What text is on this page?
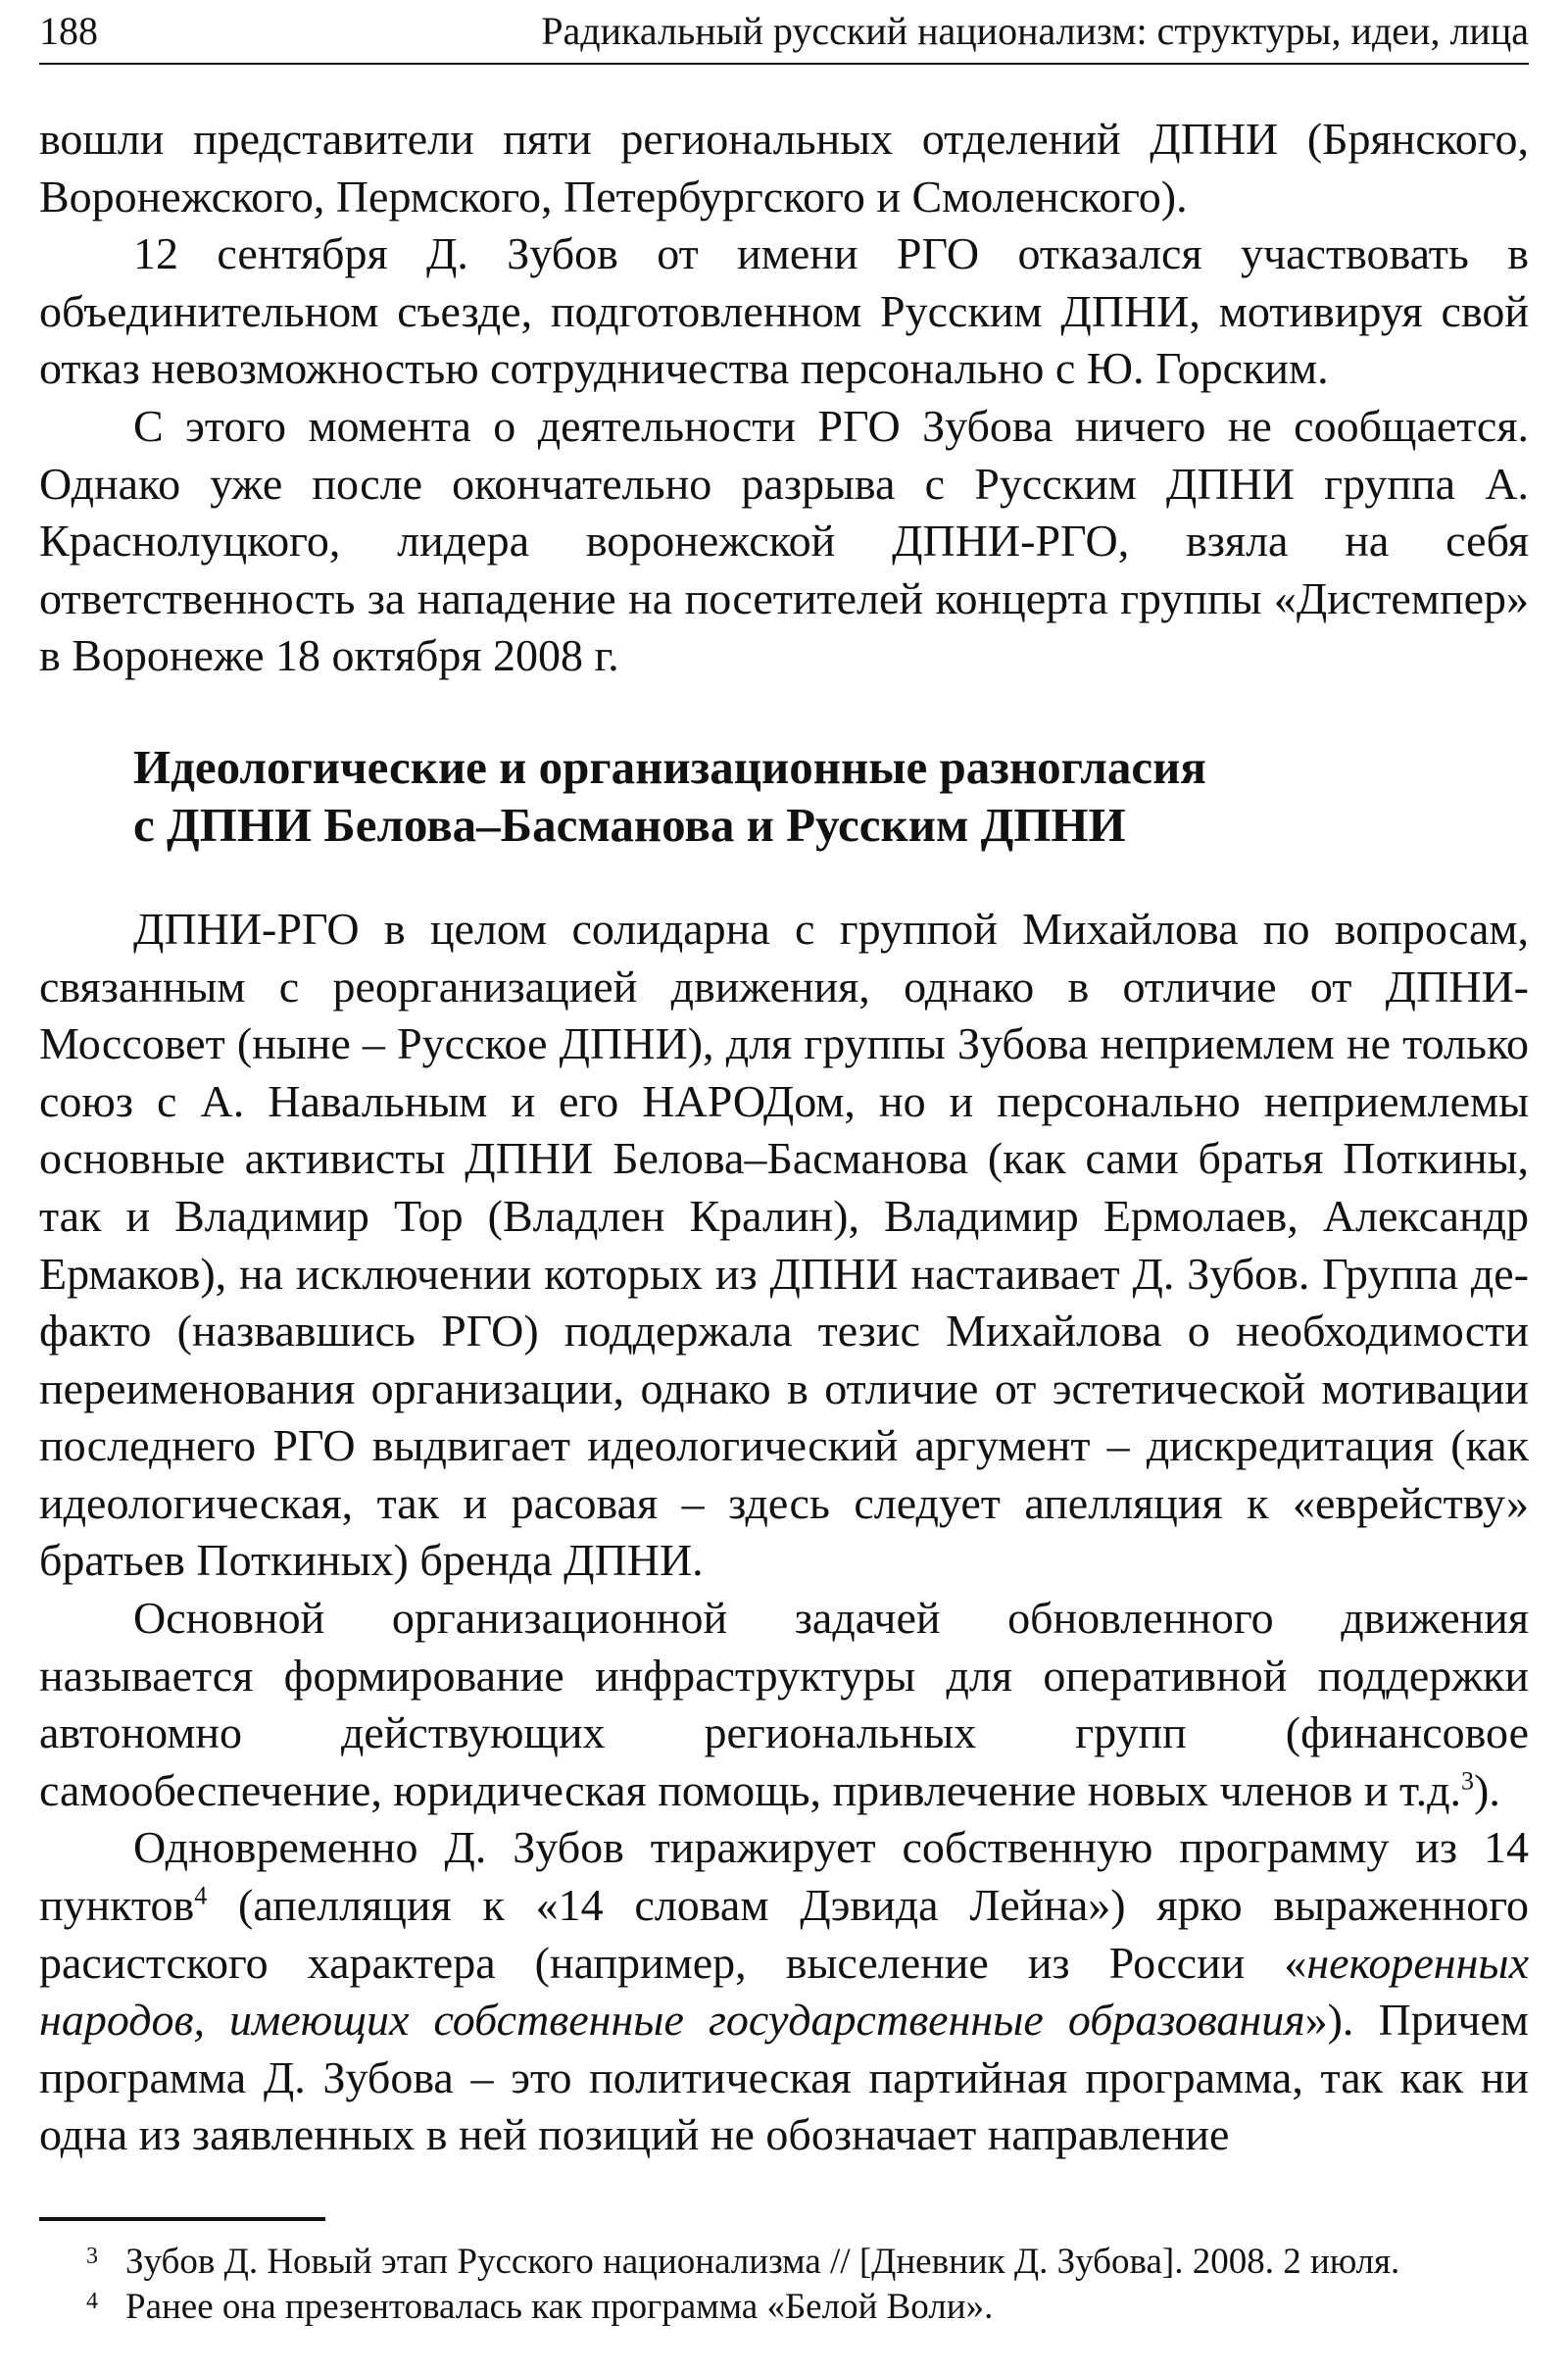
188	Радикальный русский национализм: структуры, идеи, лица

вошли представители пяти региональных отделений ДПНИ (Брянского, Воронежского, Пермского, Петербургского и Смоленского).

12 сентября Д. Зубов от имени РГО отказался участвовать в объединительном съезде, подготовленном Русским ДПНИ, мотивируя свой отказ невозможностью сотрудничества персонально с Ю. Горским.

С этого момента о деятельности РГО Зубова ничего не сообщается. Однако уже после окончательно разрыва с Русским ДПНИ группа А. Краснолуцкого, лидера воронежской ДПНИ-РГО, взяла на себя ответственность за нападение на посетителей концерта группы «Дистемпер» в Воронеже 18 октября 2008 г.

Идеологические и организационные разногласия
с ДПНИ Белова–Басманова и Русским ДПНИ

ДПНИ-РГО в целом солидарна с группой Михайлова по вопросам, связанным с реорганизацией движения, однако в отличие от ДПНИ-Моссовет (ныне – Русское ДПНИ), для группы Зубова неприемлем не только союз с А. Навальным и его НАРОДом, но и персонально неприемлемы основные активисты ДПНИ Белова–Басманова (как сами братья Поткины, так и Владимир Тор (Владлен Кралин), Владимир Ермолаев, Александр Ермаков), на исключении которых из ДПНИ настаивает Д. Зубов. Группа де-факто (назвавшись РГО) поддержала тезис Михайлова о необходимости переименования организации, однако в отличие от эстетической мотивации последнего РГО выдвигает идеологический аргумент – дискредитация (как идеологическая, так и расовая – здесь следует апелляция к «еврейству» братьев Поткиных) бренда ДПНИ.

Основной организационной задачей обновленного движения называется формирование инфраструктуры для оперативной поддержки автономно действующих региональных групп (финансовое самообеспечение, юридическая помощь, привлечение новых членов и т.д.$^3$).

Одновременно Д. Зубов тиражирует собственную программу из 14 пунктов$^4$ (апелляция к «14 словам Дэвида Лейна») ярко выраженного расистского характера (например, выселение из России «некоренных народов, имеющих собственные государственные образования»). Причем программа Д. Зубова – это политическая партийная программа, так как ни одна из заявленных в ней позиций не обозначает направление

3 Зубов Д. Новый этап Русского национализма // [Дневник Д. Зубова]. 2008. 2 июля.
4 Ранее она презентовалась как программа «Белой Воли».
